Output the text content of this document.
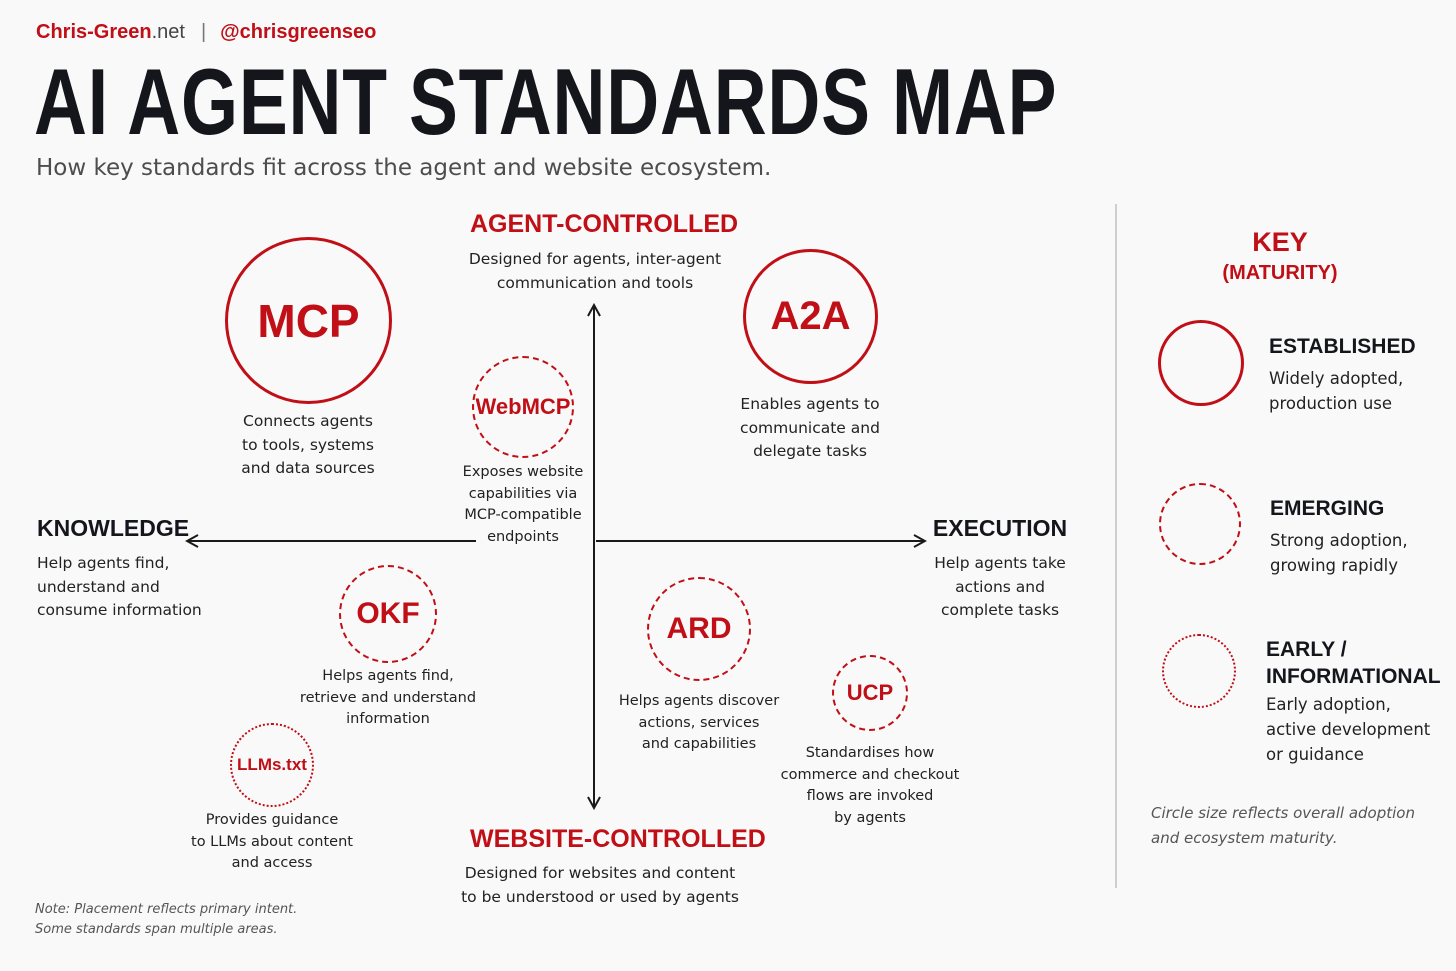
Chris-Green.net | @chrisgreenseo
AI AGENT STANDARDS MAP
How key standards fit across the agent and website ecosystem.
AGENT-CONTROLLED
Designed for agents, inter-agent
communication and tools
WEBSITE-CONTROLLED
Designed for websites and content
to be understood or used by agents
KNOWLEDGE
Help agents find,
understand and
consume information
EXECUTION
Help agents take
actions and
complete tasks
MCP
Connects agents
to tools, systems
and data sources
A2A
Enables agents to
communicate and
delegate tasks
WebMCP
Exposes website
capabilities via
MCP-compatible
endpoints
OKF
Helps agents find,
retrieve and understand
information
ARD
Helps agents discover
actions, services
and capabilities
UCP
Standardises how
commerce and checkout
flows are invoked
by agents
LLMs.txt
Provides guidance
to LLMs about content
and access
Note: Placement reflects primary intent.
Some standards span multiple areas.
KEY
(MATURITY)
ESTABLISHED
Widely adopted,
production use
EMERGING
Strong adoption,
growing rapidly
EARLY /
INFORMATIONAL
Early adoption,
active development
or guidance
Circle size reflects overall adoption
and ecosystem maturity.
